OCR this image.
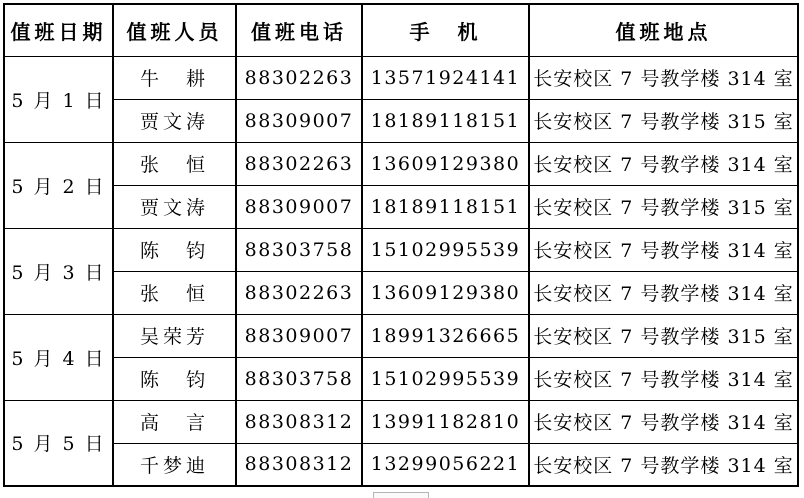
值班日期	值班人员	值班电话	手　机	值班地点
5 月 1 日	牛　耕	88302263	13571924141	长安校区 7 号教学楼 314 室
	贾文涛	88309007	18189118151	长安校区 7 号教学楼 315 室
5 月 2 日	张　恒	88302263	13609129380	长安校区 7 号教学楼 314 室
	贾文涛	88309007	18189118151	长安校区 7 号教学楼 315 室
5 月 3 日	陈　钧	88303758	15102995539	长安校区 7 号教学楼 314 室
	张　恒	88302263	13609129380	长安校区 7 号教学楼 314 室
5 月 4 日	吴荣芳	88309007	18991326665	长安校区 7 号教学楼 315 室
	陈　钧	88303758	15102995539	长安校区 7 号教学楼 314 室
5 月 5 日	高　言	88308312	13991182810	长安校区 7 号教学楼 314 室
	千梦迪	88308312	13299056221	长安校区 7 号教学楼 314 室
